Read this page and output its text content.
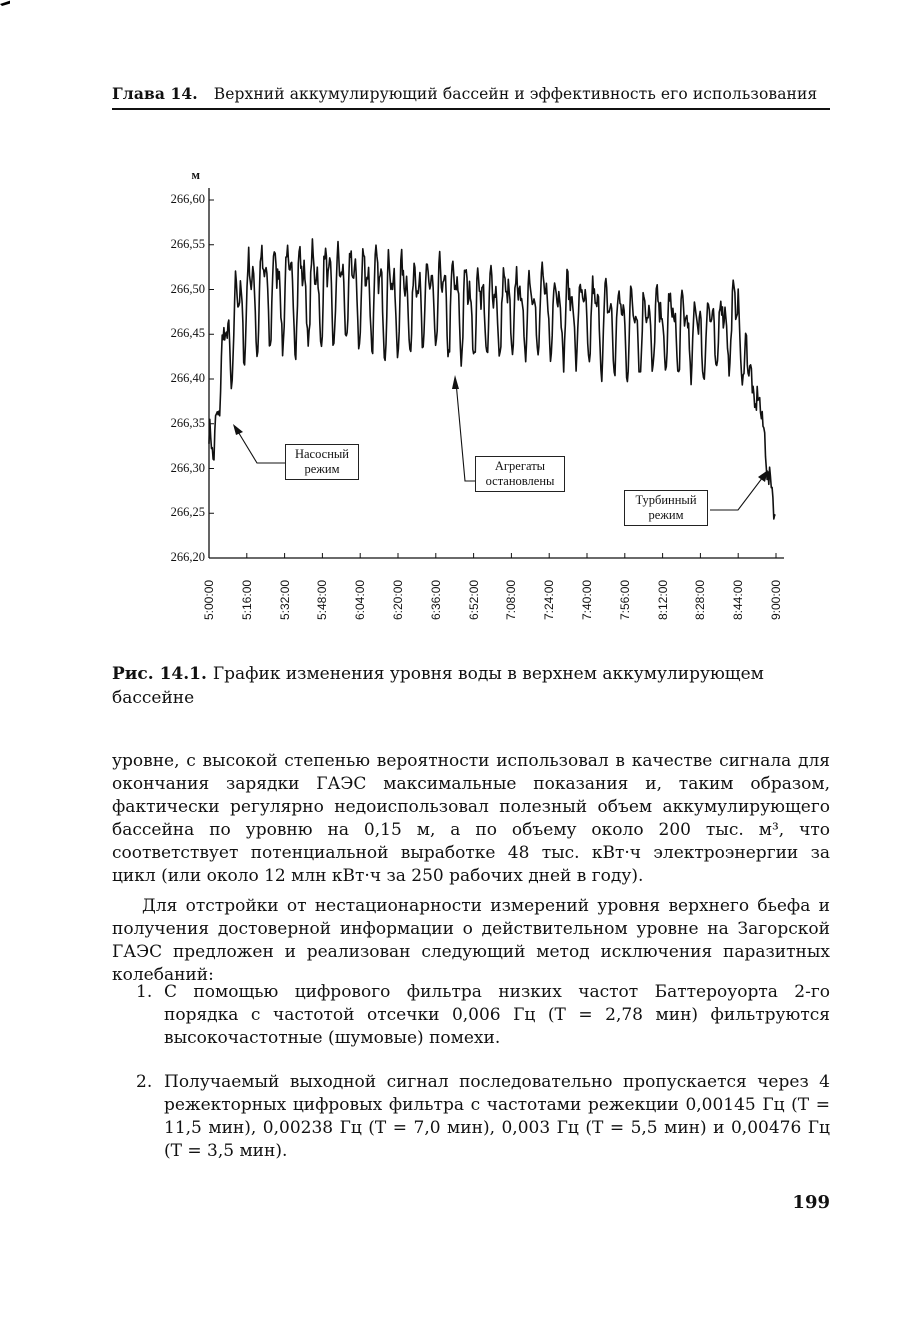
Глава 14. Верхний аккумулирующий бассейн и эффективность его использования
266,60
266,55
266,50
266,45
266,40
266,35
266,30
266,25
266,20
5:00:00 5:16:00 5:32:00 5:48:00 6:04:00 6:20:00 6:36:00 6:52:00 7:08:00 7:24:00 7:40:00 7:56:00 8:12:00 8:28:00 8:44:00 9:00:00
м
Насосный
режим	Агрегаты
остановлены
Турбинный
режим
Рис. 14.1. График изменения уровня воды в верхнем аккумулирующем бассейне
уровне, с высокой степенью вероятности использовал в качестве сигнала для окончания зарядки ГАЭС максимальные показания и, таким образом, фактически регулярно недоиспользовал полезный объем аккумулирующего бассейна по уровню на 0,15 м, а по объему около 200 тыс. м³, что соответствует потенциальной выработке 48 тыс. кВт·ч электроэнергии за цикл (или около 12 млн кВт·ч за 250 рабочих дней в году).
Для отстройки от нестационарности измерений уровня верхнего бьефа и получения достоверной информации о действительном уровне на Загорской ГАЭС предложен и реализован следующий метод исключения паразитных колебаний:
1. С помощью цифрового фильтра низких частот Баттероуорта 2-го порядка с частотой отсечки 0,006 Гц (T = 2,78 мин) фильтруются высокочастотные (шумовые) помехи.
2. Получаемый выходной сигнал последовательно пропускается через 4 режекторных цифровых фильтра с частотами режекции 0,00145 Гц (T = 11,5 мин), 0,00238 Гц (T = 7,0 мин), 0,003 Гц (T = 5,5 мин) и 0,00476 Гц (T = 3,5 мин).
199
